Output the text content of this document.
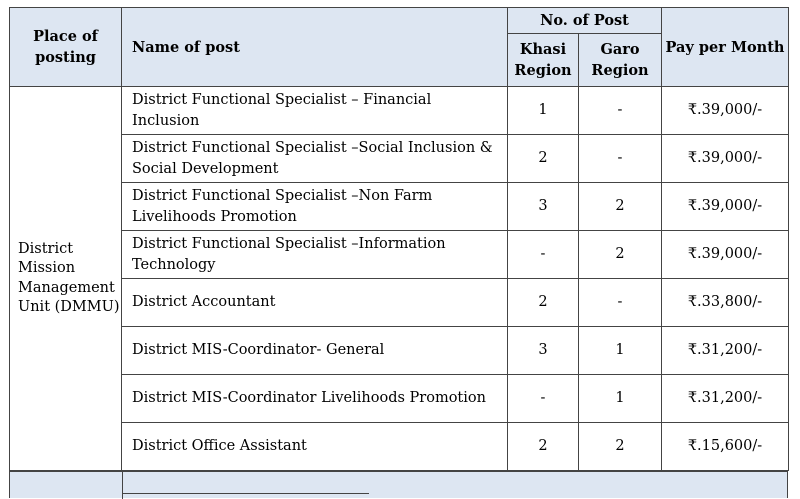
Place of posting	Name of post	No. of Post		Pay per Month
		Khasi Region	Garo Region	
District Mission Management Unit (DMMU)	District Functional Specialist – Financial Inclusion	1	-	₹.39,000/-
	District Functional Specialist –Social Inclusion & Social Development	2	-	₹.39,000/-
	District Functional Specialist –Non Farm Livelihoods Promotion	3	2	₹.39,000/-
	District Functional Specialist –Information Technology	-	2	₹.39,000/-
	District Accountant	2	-	₹.33,800/-
	District MIS-Coordinator- General	3	1	₹.31,200/-
	District MIS-Coordinator Livelihoods Promotion	-	1	₹.31,200/-
	District Office Assistant	2	2	₹.15,600/-
